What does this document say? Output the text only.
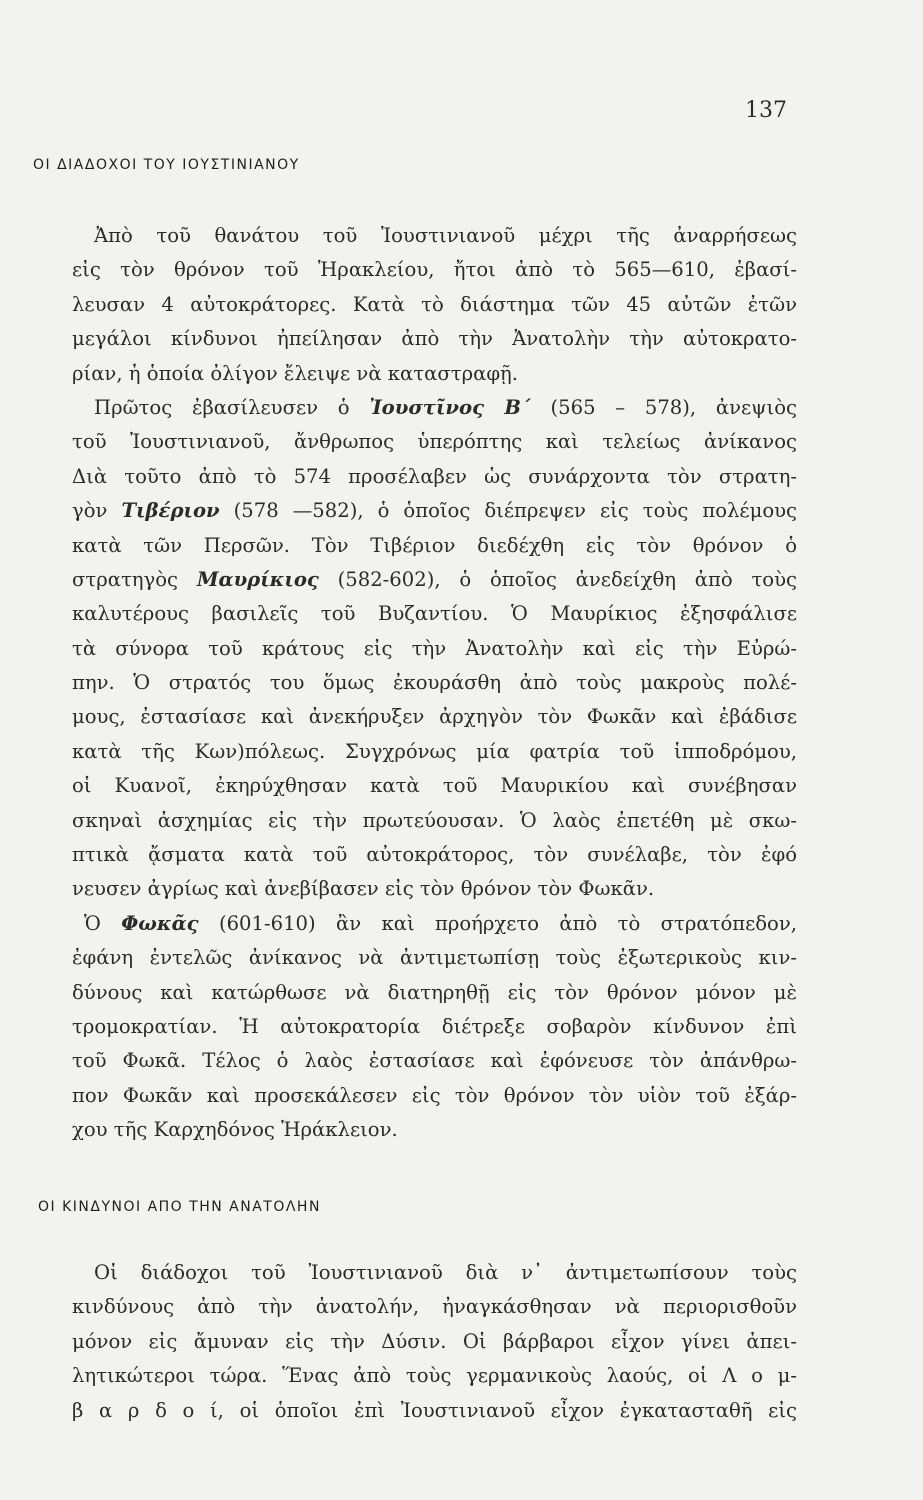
137
ΟΙ ΔΙΑΔΟΧΟΙ ΤΟΥ ΙΟΥΣΤΙΝΙΑΝΟΥ
Ἀπὸ τοῦ θανάτου τοῦ Ἰουστινιανοῦ μέχρι τῆς ἀναρρήσεως
εἰς τὸν θρόνον τοῦ Ἡρακλείου, ἤτοι ἀπὸ τὸ 565—610, ἐβασί-
λευσαν 4 αὐτοκράτορες. Κατὰ τὸ διάστημα τῶν 45 αὐτῶν ἐτῶν
μεγάλοι κίνδυνοι ἠπείλησαν ἀπὸ τὴν Ἀνατολὴν τὴν αὐτοκρατο-
ρίαν, ἡ ὁποία ὀλίγον ἔλειψε νὰ καταστραφῇ.
Πρῶτος ἐβασίλευσεν ὁ Ἰουστῖνος Β΄ (565 – 578), ἀνεψιὸς
τοῦ Ἰουστινιανοῦ, ἄνθρωπος ὑπερόπτης καὶ τελείως ἀνίκανος
Διὰ τοῦτο ἀπὸ τὸ 574 προσέλαβεν ὡς συνάρχοντα τὸν στρατη-
γὸν Τιβέριον (578 —582), ὁ ὁποῖος διέπρεψεν εἰς τοὺς πολέμους
κατὰ τῶν Περσῶν. Τὸν Τιβέριον διεδέχθη εἰς τὸν θρόνον ὁ
στρατηγὸς Μαυρίκιος (582-602), ὁ ὁποῖος ἀνεδείχθη ἀπὸ τοὺς
καλυτέρους βασιλεῖς τοῦ Βυζαντίου. Ὁ Μαυρίκιος ἐξησφάλισε
τὰ σύνορα τοῦ κράτους εἰς τὴν Ἀνατολὴν καὶ εἰς τὴν Εὐρώ-
πην. Ὁ στρατός του ὅμως ἐκουράσθη ἀπὸ τοὺς μακροὺς πολέ-
μους, ἐστασίασε καὶ ἀνεκήρυξεν ἀρχηγὸν τὸν Φωκᾶν καὶ ἐβάδισε
κατὰ τῆς Κων)πόλεως. Συγχρόνως μία φατρία τοῦ ἱπποδρόμου,
οἱ Κυανοῖ, ἐκηρύχθησαν κατὰ τοῦ Μαυρικίου καὶ συνέβησαν
σκηναὶ ἀσχημίας εἰς τὴν πρωτεύουσαν. Ὁ λαὸς ἐπετέθη μὲ σκω-
πτικὰ ᾄσματα κατὰ τοῦ αὐτοκράτορος, τὸν συνέλαβε, τὸν ἐφό
νευσεν ἀγρίως καὶ ἀνεβίβασεν εἰς τὸν θρόνον τὸν Φωκᾶν.
Ὁ Φωκᾶς (601-610) ἂν καὶ προήρχετο ἀπὸ τὸ στρατόπεδον,
ἐφάνη ἐντελῶς ἀνίκανος νὰ ἀντιμετωπίσῃ τοὺς ἐξωτερικοὺς κιν-
δύνους καὶ κατώρθωσε νὰ διατηρηθῇ εἰς τὸν θρόνον μόνον μὲ
τρομοκρατίαν. Ἡ αὐτοκρατορία διέτρεξε σοβαρὸν κίνδυνον ἐπὶ
τοῦ Φωκᾶ. Τέλος ὁ λαὸς ἐστασίασε καὶ ἐφόνευσε τὸν ἀπάνθρω-
πον Φωκᾶν καὶ προσεκάλεσεν εἰς τὸν θρόνον τὸν υἱὸν τοῦ ἐξάρ-
χου τῆς Καρχηδόνος Ἡράκλειον.
ΟΙ ΚΙΝΔΥΝΟΙ ΑΠΟ ΤΗΝ ΑΝΑΤΟΛΗΝ
Οἱ διάδοχοι τοῦ Ἰουστινιανοῦ διὰ ν᾽ ἀντιμετωπίσουν τοὺς
κινδύνους ἀπὸ τὴν ἀνατολήν, ἠναγκάσθησαν νὰ περιορισθοῦν
μόνον εἰς ἄμυναν εἰς τὴν Δύσιν. Οἱ βάρβαροι εἶχον γίνει ἀπει-
λητικώτεροι τώρα. Ἕνας ἀπὸ τοὺς γερμανικοὺς λαούς, οἱ Λ ο μ-
β α ρ δ ο ί, οἱ ὁποῖοι ἐπὶ Ἰουστινιανοῦ εἶχον ἐγκατασταθῆ εἰς
